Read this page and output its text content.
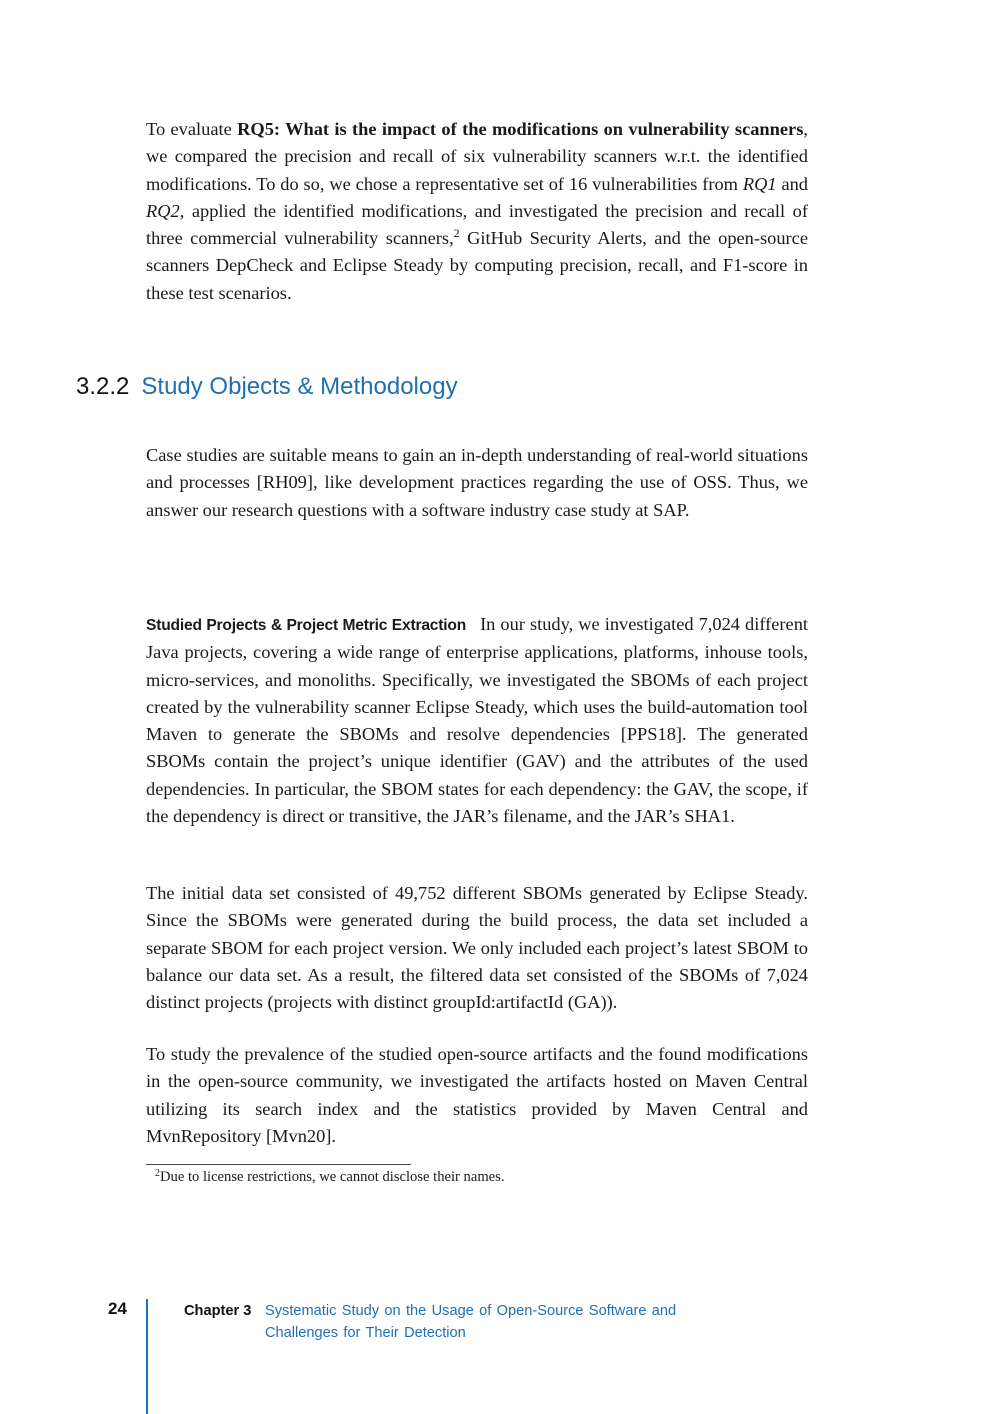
To evaluate RQ5: What is the impact of the modifications on vulnerability scanners, we compared the precision and recall of six vulnerability scanners w.r.t. the identified modifications. To do so, we chose a representative set of 16 vulnerabilities from RQ1 and RQ2, applied the identified modifications, and investigated the precision and recall of three commercial vulnerability scanners,$^2$ GitHub Security Alerts, and the open-source scanners DepCheck and Eclipse Steady by computing precision, recall, and F1-score in these test scenarios.

3.2.2 Study Objects & Methodology

Case studies are suitable means to gain an in-depth understanding of real-world situations and processes [RH09], like development practices regarding the use of OSS. Thus, we answer our research questions with a software industry case study at SAP.

Studied Projects & Project Metric Extraction In our study, we investigated 7,024 different Java projects, covering a wide range of enterprise applications, platforms, inhouse tools, micro-services, and monoliths. Specifically, we investigated the SBOMs of each project created by the vulnerability scanner Eclipse Steady, which uses the build-automation tool Maven to generate the SBOMs and resolve dependencies [PPS18]. The generated SBOMs contain the project’s unique identifier (GAV) and the attributes of the used dependencies. In particular, the SBOM states for each dependency: the GAV, the scope, if the dependency is direct or transitive, the JAR’s filename, and the JAR’s SHA1.

The initial data set consisted of 49,752 different SBOMs generated by Eclipse Steady. Since the SBOMs were generated during the build process, the data set included a separate SBOM for each project version. We only included each project’s latest SBOM to balance our data set. As a result, the filtered data set consisted of the SBOMs of 7,024 distinct projects (projects with distinct groupId:artifactId (GA)).

To study the prevalence of the studied open-source artifacts and the found modifications in the open-source community, we investigated the artifacts hosted on Maven Central utilizing its search index and the statistics provided by Maven Central and MvnRepository [Mvn20].

$^2$Due to license restrictions, we cannot disclose their names.
24	Chapter 3 Systematic Study on the Usage of Open-Source Software and Challenges for Their Detection
